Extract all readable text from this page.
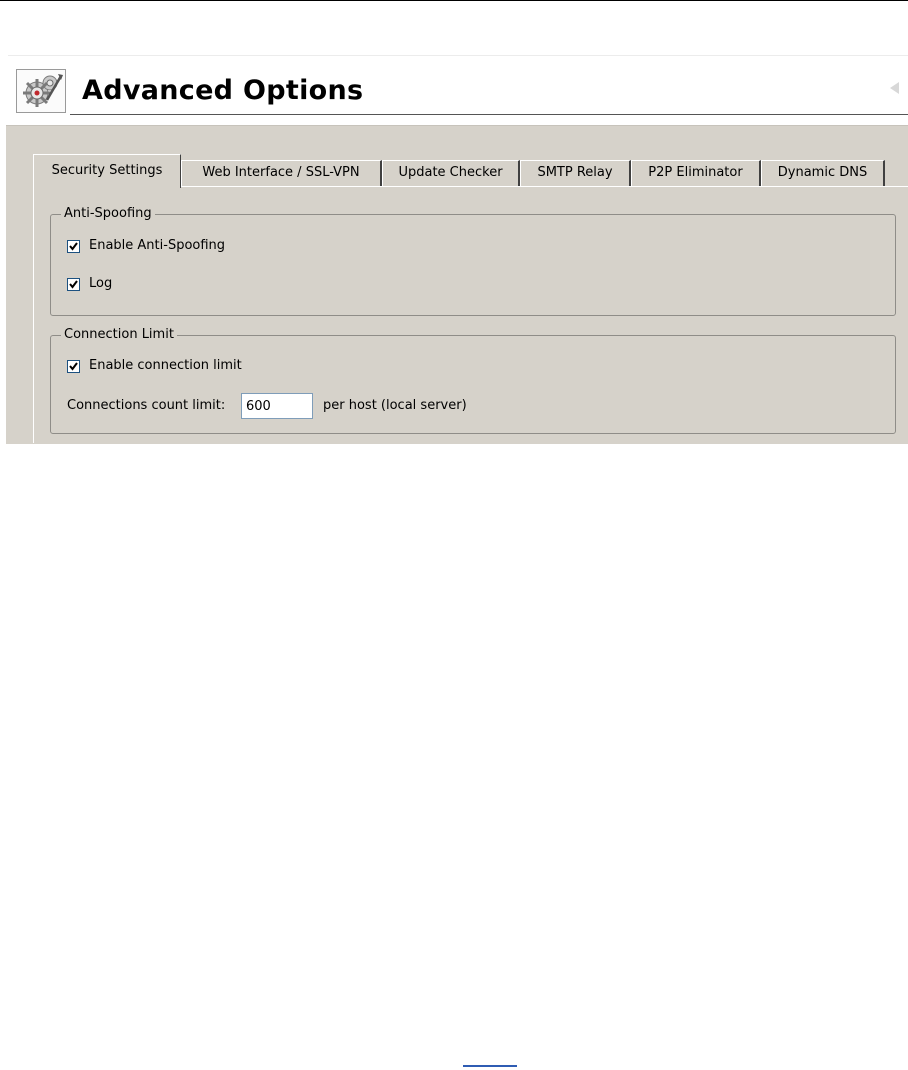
Advanced Options
Security Settings	Web Interface / SSL-VPN	Update Checker	SMTP Relay	P2P Eliminator	Dynamic DNS
Anti-Spoofing
Enable Anti-Spoofing
Log
Connection Limit
Enable connection limit
Connections count limit:
600	per host (local server)
